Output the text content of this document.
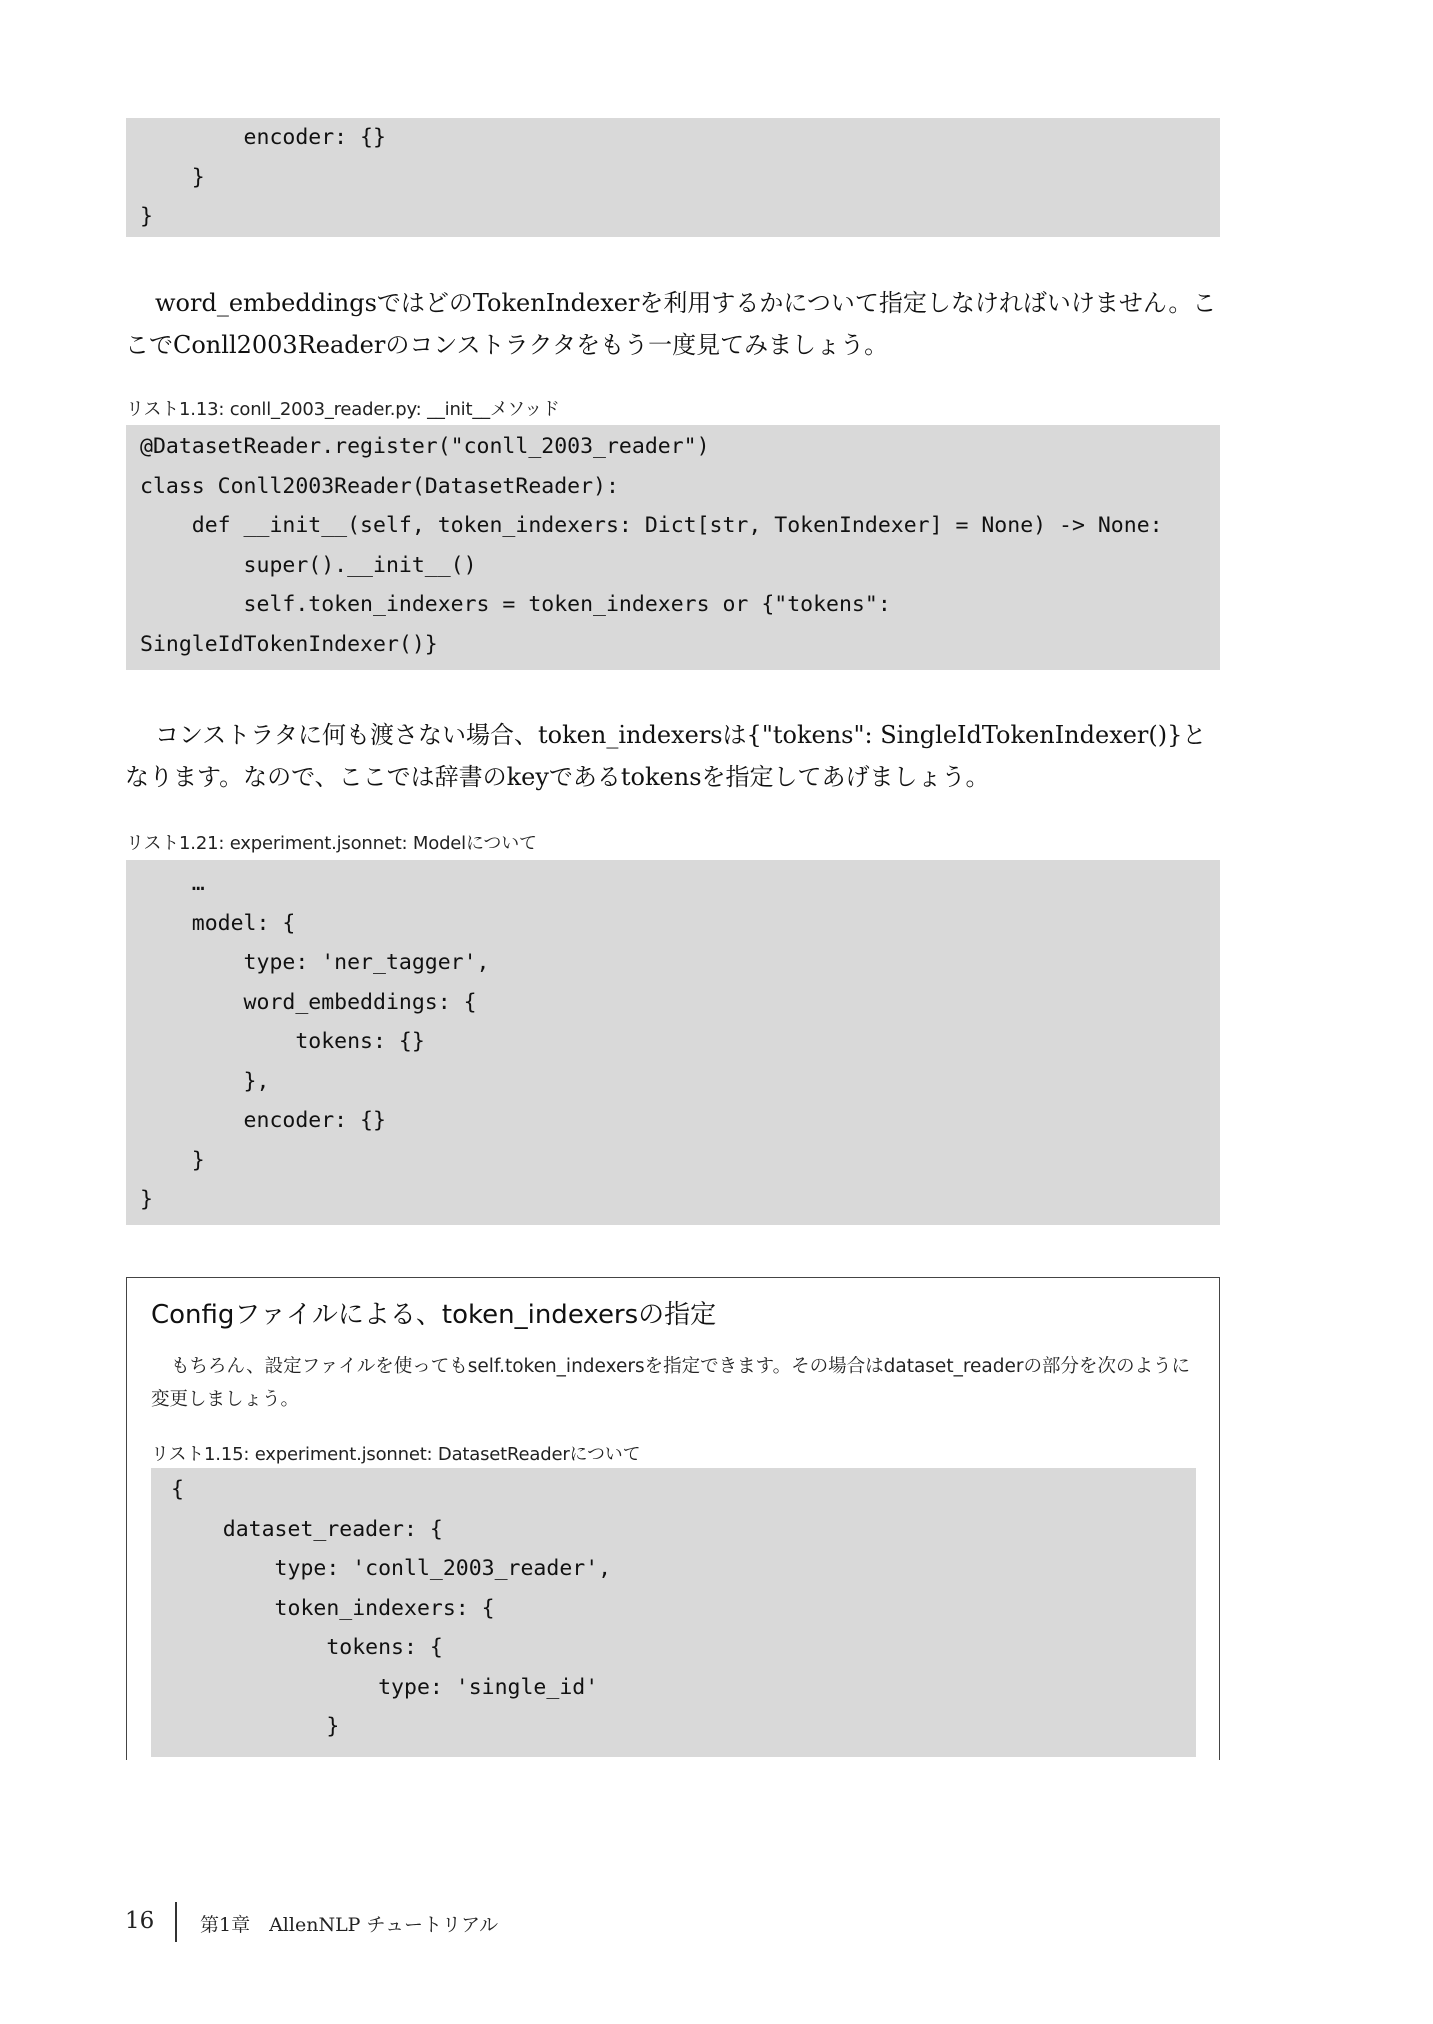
encoder: {}
}
}

word_embeddingsではどのTokenIndexerを利用するかについて指定しなければいけません。ここでConll2003Readerのコンストラクタをもう一度見てみましょう。

リスト1.13: conll_2003_reader.py: __init__メソッド
@DatasetReader.register("conll_2003_reader")
class Conll2003Reader(DatasetReader):
def __init__(self, token_indexers: Dict[str, TokenIndexer] = None) -> None:
super().__init__()
self.token_indexers = token_indexers or {"tokens":
SingleIdTokenIndexer()}

コンストラタに何も渡さない場合、token_indexersは{"tokens": SingleIdTokenIndexer()}となります。なので、ここでは辞書のkeyであるtokensを指定してあげましょう。

リスト1.21: experiment.jsonnet: Modelについて
…
model: {
type: 'ner_tagger',
word_embeddings: {
tokens: {}
},
encoder: {}
}
}
Configファイルによる、token_indexersの指定

もちろん、設定ファイルを使ってもself.token_indexersを指定できます。その場合はdataset_readerの部分を次のように変更しましょう。

リスト1.15: experiment.jsonnet: DatasetReaderについて
{
dataset_reader: {
type: 'conll_2003_reader',
token_indexers: {
tokens: {
type: 'single_id'
}
16 第1章　AllenNLP チュートリアル
